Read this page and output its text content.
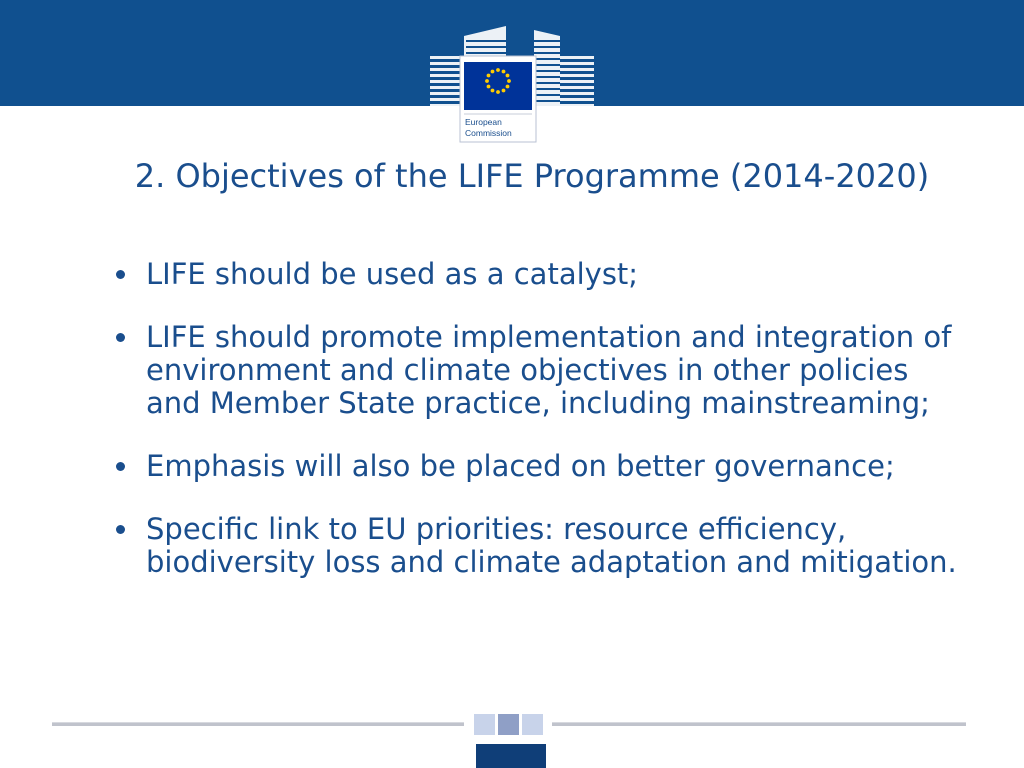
European
Commission
2. Objectives of the LIFE Programme (2014-2020)
LIFE should be used as a catalyst;
LIFE should promote implementation and integration of environment and climate objectives in other policies and Member State practice, including mainstreaming;
Emphasis will also be placed on better governance;
Specific link to EU priorities: resource efficiency, biodiversity loss and climate adaptation and mitigation.
